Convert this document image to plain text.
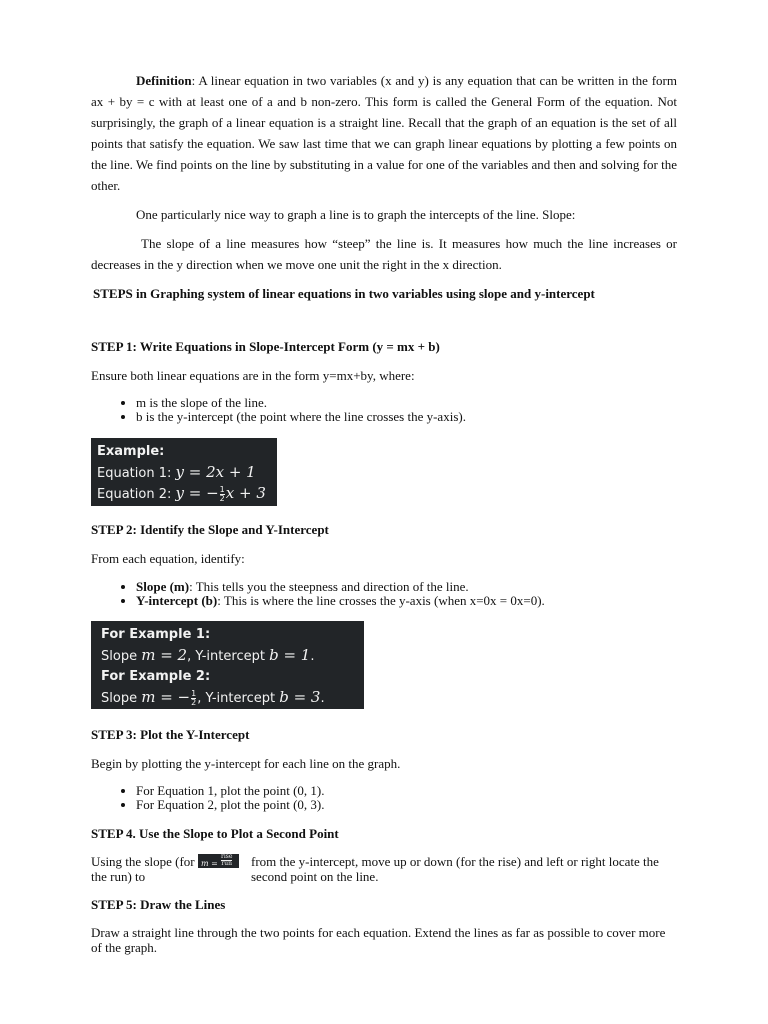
Definition: A linear equation in two variables (x and y) is any equation that can be written in the form ax + by = c with at least one of a and b non-zero. This form is called the General Form of the equation. Not surprisingly, the graph of a linear equation is a straight line. Recall that the graph of an equation is the set of all points that satisfy the equation. We saw last time that we can graph linear equations by plotting a few points on the line. We find points on the line by substituting in a value for one of the variables and then and solving for the other.

One particularly nice way to graph a line is to graph the intercepts of the line. Slope:

The slope of a line measures how “steep” the line is. It measures how much the line increases or decreases in the y direction when we move one unit the right in the x direction.

STEPS in Graphing system of linear equations in two variables using slope and y-intercept

STEP 1: Write Equations in Slope-Intercept Form (y = mx + b)

Ensure both linear equations are in the form y=mx+by, where:

• m is the slope of the line.
• b is the y-intercept (the point where the line crosses the y-axis).
Example:
Equation 1: y = 2x + 1
Equation 2: y = − $\frac{1}{2}$ x + 3

STEP 2: Identify the Slope and Y-Intercept

From each equation, identify:

• Slope (m): This tells you the steepness and direction of the line.
• Y-intercept (b): This is where the line crosses the y-axis (when x=0x = 0x=0).
For Example 1:
Slope m = 2, Y-intercept b = 1.
For Example 2:
Slope m = − $\frac{1}{2}$ , Y-intercept b = 3.

STEP 3: Plot the Y-Intercept

Begin by plotting the y-intercept for each line on the graph.

• For Equation 1, plot the point (0, 1).
• For Equation 2, plot the point (0, 3).

STEP 4. Use the Slope to Plot a Second Point

Using the slope (for the run) to
m =
rise
run from the y-intercept, move up or down (for the rise) and left or right locate the second point on the line.

STEP 5: Draw the Lines

Draw a straight line through the two points for each equation. Extend the lines as far as possible to cover more of the graph.
